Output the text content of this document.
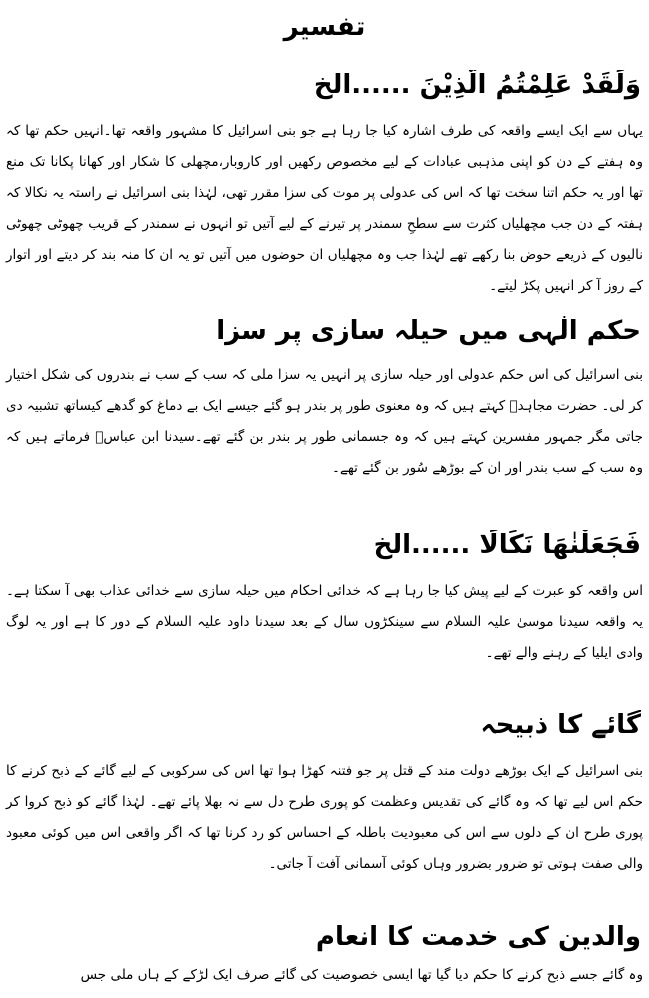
تفسیر
وَلَقَدْ عَلِمْتُمُ الَّذِیْنَ ......الخ

یہاں سے ایک ایسے واقعہ کی طرف اشارہ کیا جا رہا ہے جو بنی اسرائیل کا مشہور واقعہ تھا۔انہیں حکم تھا کہ وہ ہفتے کے دن کو اپنی مذہبی عبادات کے لیے مخصوص رکھیں اور کاروبار،مچھلی کا شکار اور کھانا پکانا تک منع تھا اور یہ حکم اتنا سخت تھا کہ اس کی عدولی پر موت کی سزا مقرر تھی، لہٰذا بنی اسرائیل نے راستہ یہ نکالا کہ ہفتہ کے دن جب مچھلیاں کثرت سے سطحِ سمندر پر تیرنے کے لیے آتیں تو انہوں نے سمندر کے قریب چھوٹی چھوٹی نالیوں کے ذریعے حوض بنا رکھے تھے لہٰذا جب وہ مچھلیاں ان حوضوں میں آتیں تو یہ ان کا منہ بند کر دیتے اور اتوار کے روز آ کر انہیں پکڑ لیتے۔

حکمِ الٰہی میں حیلہ سازی پر سزا

بنی اسرائیل کی اس حکم عدولی اور حیلہ سازی پر انہیں یہ سزا ملی کہ سب کے سب نے بندروں کی شکل اختیار کر لی۔ حضرت مجاہدؒ کہتے ہیں کہ وہ معنوی طور پر بندر ہو گئے جیسے ایک بے دماغ کو گدھے کیساتھ تشبیہ دی جاتی مگر جمہور مفسرین کہتے ہیں کہ وہ جسمانی طور پر بندر بن گئے تھے۔سیدنا ابن عباسؓ فرماتے ہیں کہ وہ سب کے سب بندر اور ان کے بوڑھے سُور بن گئے تھے۔

فَجَعَلْنٰهَا نَكَالًا ......الخ

اس واقعہ کو عبرت کے لیے پیش کیا جا رہا ہے کہ خدائی احکام میں حیلہ سازی سے خدائی عذاب بھی آ سکتا ہے۔ یہ واقعہ سیدنا موسیٰ علیہ السلام سے سینکڑوں سال کے بعد سیدنا داود علیہ السلام کے دور کا ہے اور یہ لوگ وادی ایلیا کے رہنے والے تھے۔

گائے کا ذبیحہ

بنی اسرائیل کے ایک بوڑھے دولت مند کے قتل پر جو فتنہ کھڑا ہوا تھا اس کی سرکوبی کے لیے گائے کے ذبح کرنے کا حکم اس لیے تھا کہ وہ گائے کی تقدیس وعظمت کو پوری طرح دل سے نہ بھلا پائے تھے۔ لہٰذا گائے کو ذبح کروا کر پوری طرح ان کے دلوں سے اس کی معبودیت باطلہ کے احساس کو رد کرنا تھا کہ اگر واقعی اس میں کوئی معبود والی صفت ہوتی تو ضرور بضرور وہاں کوئی آسمانی آفت آ جاتی۔

والدین کی خدمت کا انعام

وہ گائے جسے ذبح کرنے کا حکم دیا گیا تھا ایسی خصوصیت کی گائے صرف ایک لڑکے کے ہاں ملی جس
